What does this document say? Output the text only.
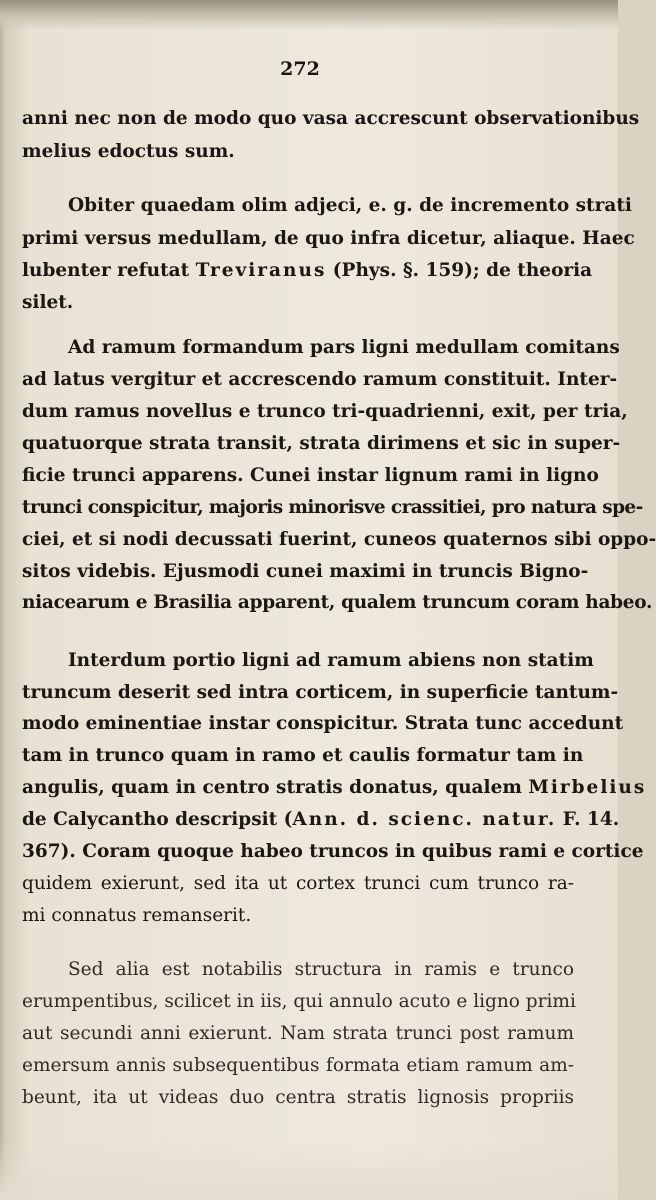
272
anni nec non de modo quo vasa accrescunt observationibus
melius edoctus sum.
Obiter quaedam olim adjeci, e. g. de incremento strati
primi versus medullam, de quo infra dicetur, aliaque. Haec
lubenter refutat Treviranus (Phys. §. 159); de theoria
silet.
Ad ramum formandum pars ligni medullam comitans
ad latus vergitur et accrescendo ramum constituit. Inter-
dum ramus novellus e trunco tri-quadrienni, exit, per tria,
quatuorque strata transit, strata dirimens et sic in super-
ficie trunci apparens. Cunei instar lignum rami in ligno
trunci conspicitur, majoris minorisve crassitiei, pro natura spe-
ciei, et si nodi decussati fuerint, cuneos quaternos sibi oppo-
sitos videbis. Ejusmodi cunei maximi in truncis Bigno-
niacearum e Brasilia apparent, qualem truncum coram habeo.
Interdum portio ligni ad ramum abiens non statim
truncum deserit sed intra corticem, in superficie tantum-
modo eminentiae instar conspicitur. Strata tunc accedunt
tam in trunco quam in ramo et caulis formatur tam in
angulis, quam in centro stratis donatus, qualem Mirbelius
de Calycantho descripsit (Ann. d. scienc. natur. F. 14.
367). Coram quoque habeo truncos in quibus rami e cortice
quidem exierunt, sed ita ut cortex trunci cum trunco ra-
mi connatus remanserit.
Sed alia est notabilis structura in ramis e trunco
erumpentibus, scilicet in iis, qui annulo acuto e ligno primi
aut secundi anni exierunt. Nam strata trunci post ramum
emersum annis subsequentibus formata etiam ramum am-
beunt, ita ut videas duo centra stratis lignosis propriis
